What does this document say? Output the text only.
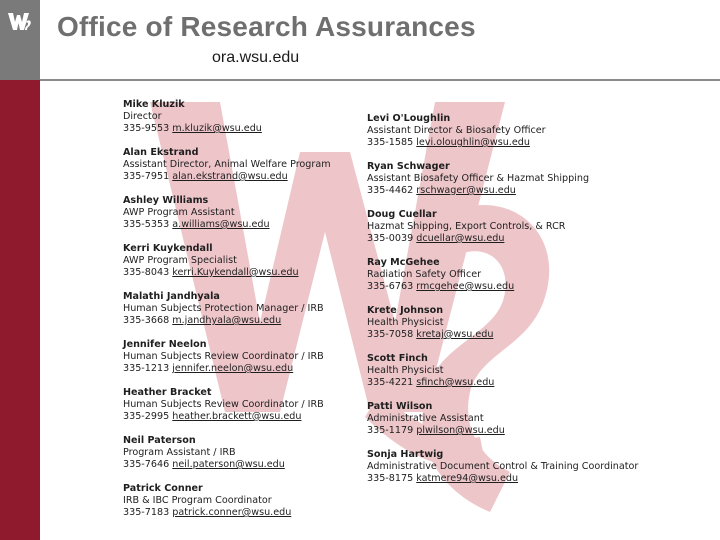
Office of Research Assurances
ora.wsu.edu
Mike Kluzik
Director
335-9553 m.kluzik@wsu.edu
Alan Ekstrand
Assistant Director, Animal Welfare Program
335-7951 alan.ekstrand@wsu.edu
Ashley Williams
AWP Program Assistant
335-5353 a.williams@wsu.edu
Kerri Kuykendall
AWP Program Specialist
335-8043 kerri.Kuykendall@wsu.edu
Malathi Jandhyala
Human Subjects Protection Manager / IRB
335-3668 m.jandhyala@wsu.edu
Jennifer Neelon
Human Subjects Review Coordinator / IRB
335-1213 jennifer.neelon@wsu.edu
Heather Bracket
Human Subjects Review Coordinator / IRB
335-2995 heather.brackett@wsu.edu
Neil Paterson
Program Assistant / IRB
335-7646 neil.paterson@wsu.edu
Patrick Conner
IRB & IBC Program Coordinator
335-7183 patrick.conner@wsu.edu
Levi O'Loughlin
Assistant Director & Biosafety Officer
335-1585 levi.oloughlin@wsu.edu
Ryan Schwager
Assistant Biosafety Officer & Hazmat Shipping
335-4462 rschwager@wsu.edu
Doug Cuellar
Hazmat Shipping, Export Controls, & RCR
335-0039 dcuellar@wsu.edu
Ray McGehee
Radiation Safety Officer
335-6763 rmcgehee@wsu.edu
Krete Johnson
Health Physicist
335-7058 kretaj@wsu.edu
Scott Finch
Health Physicist
335-4221 sfinch@wsu.edu
Patti Wilson
Administrative Assistant
335-1179 plwilson@wsu.edu
Sonja Hartwig
Administrative Document Control & Training Coordinator
335-8175 katmere94@wsu.edu
